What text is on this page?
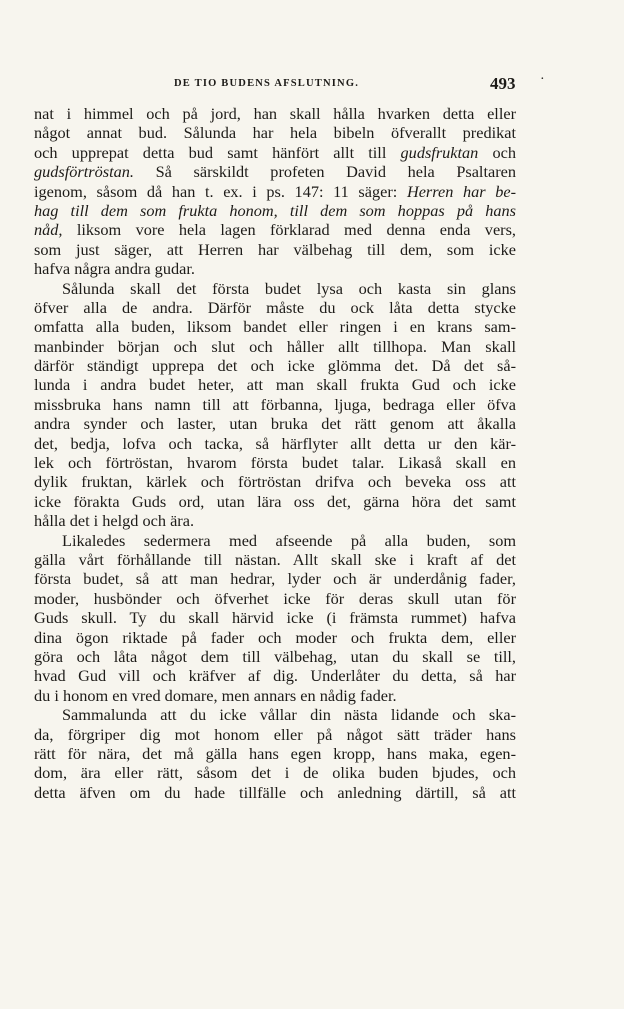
DE TIO BUDENS AFSLUTNING.	493 ·
nat i himmel och på jord, han skall hålla hvarken detta eller
något annat bud. Sålunda har hela bibeln öfverallt predikat
och upprepat detta bud samt hänfört allt till gudsfruktan och
gudsförtröstan. Så särskildt profeten David hela Psaltaren
igenom, såsom då han t. ex. i ps. 147: 11 säger: Herren har be-
hag till dem som frukta honom, till dem som hoppas på hans
nåd, liksom vore hela lagen förklarad med denna enda vers,
som just säger, att Herren har välbehag till dem, som icke
hafva några andra gudar.
Sålunda skall det första budet lysa och kasta sin glans
öfver alla de andra. Därför måste du ock låta detta stycke
omfatta alla buden, liksom bandet eller ringen i en krans sam-
manbinder början och slut och håller allt tillhopa. Man skall
därför ständigt upprepa det och icke glömma det. Då det så-
lunda i andra budet heter, att man skall frukta Gud och icke
missbruka hans namn till att förbanna, ljuga, bedraga eller öfva
andra synder och laster, utan bruka det rätt genom att åkalla
det, bedja, lofva och tacka, så härflyter allt detta ur den kär-
lek och förtröstan, hvarom första budet talar. Likaså skall en
dylik fruktan, kärlek och förtröstan drifva och beveka oss att
icke förakta Guds ord, utan lära oss det, gärna höra det samt
hålla det i helgd och ära.
Likaledes sedermera med afseende på alla buden, som
gälla vårt förhållande till nästan. Allt skall ske i kraft af det
första budet, så att man hedrar, lyder och är underdånig fader,
moder, husbönder och öfverhet icke för deras skull utan för
Guds skull. Ty du skall härvid icke (i främsta rummet) hafva
dina ögon riktade på fader och moder och frukta dem, eller
göra och låta något dem till välbehag, utan du skall se till,
hvad Gud vill och kräfver af dig. Underlåter du detta, så har
du i honom en vred domare, men annars en nådig fader.
Sammalunda att du icke vållar din nästa lidande och ska-
da, förgriper dig mot honom eller på något sätt träder hans
rätt för nära, det må gälla hans egen kropp, hans maka, egen-
dom, ära eller rätt, såsom det i de olika buden bjudes, och
detta äfven om du hade tillfälle och anledning därtill, så att
